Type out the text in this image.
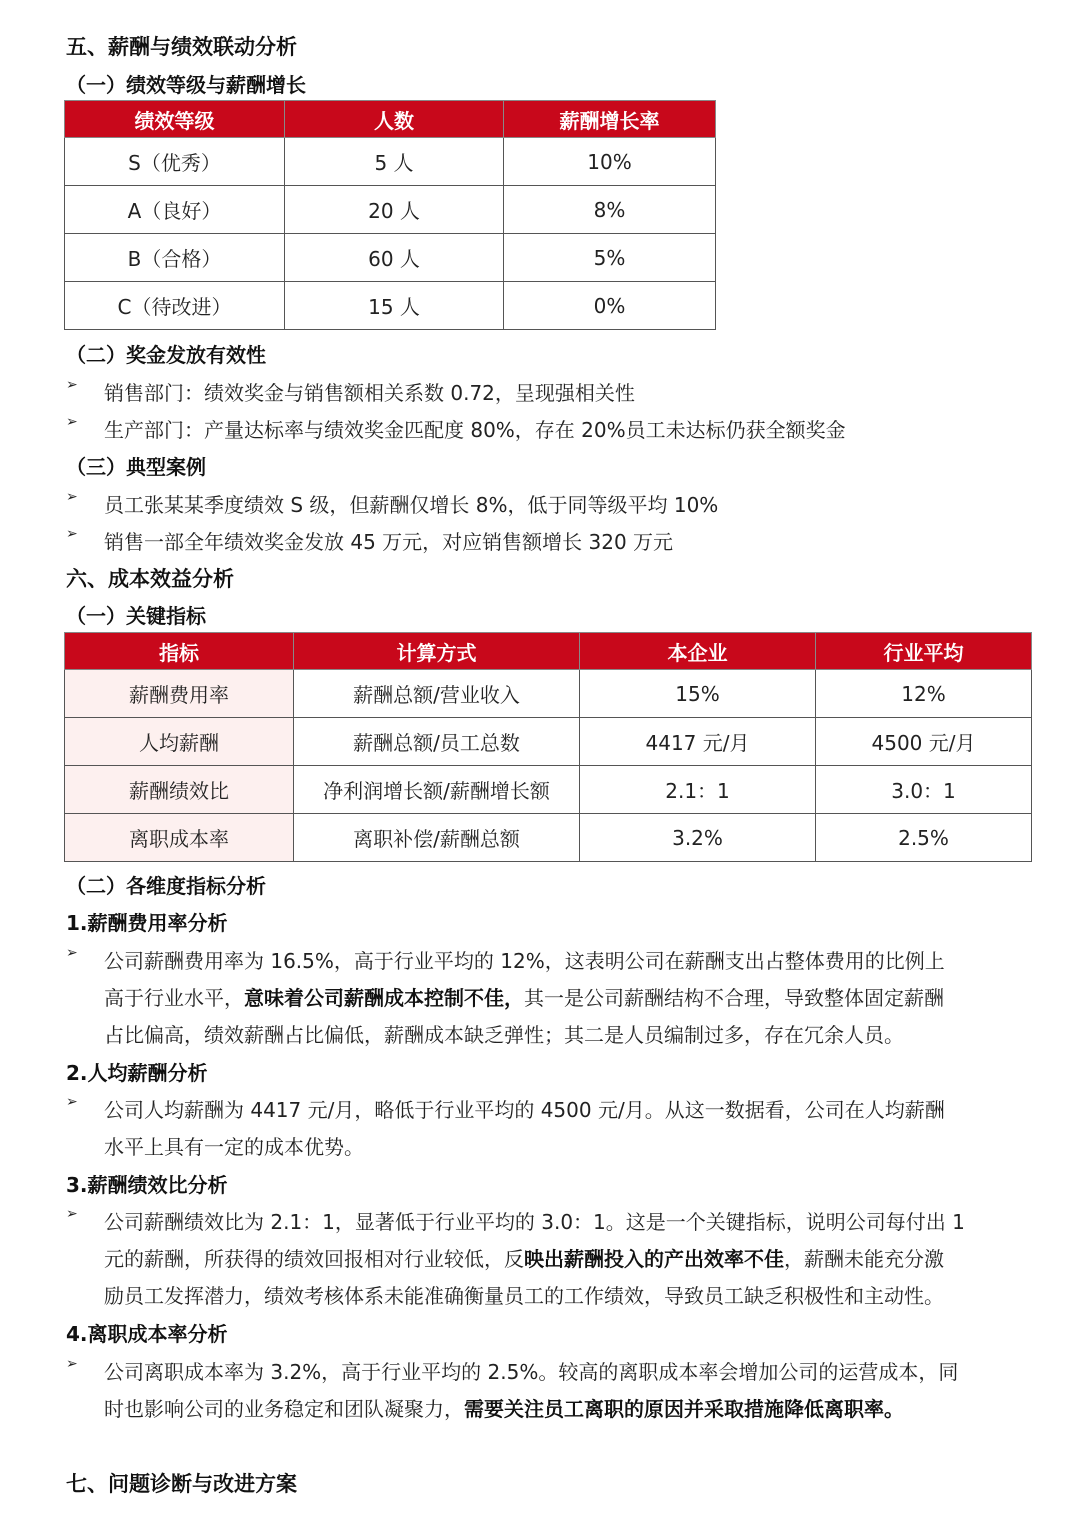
五、薪酬与绩效联动分析
（一）绩效等级与薪酬增长
绩效等级	人数	薪酬增长率
S（优秀）	5 人	10%
A（良好）	20 人	8%
B（合格）	60 人	5%
C（待改进）	15 人	0%
（二）奖金发放有效性
➢ 销售部门：绩效奖金与销售额相关系数 0.72，呈现强相关性
➢ 生产部门：产量达标率与绩效奖金匹配度 80%，存在 20%员工未达标仍获全额奖金
（三）典型案例
➢ 员工张某某季度绩效 S 级，但薪酬仅增长 8%，低于同等级平均 10%
➢ 销售一部全年绩效奖金发放 45 万元，对应销售额增长 320 万元
六、成本效益分析
（一）关键指标
指标	计算方式	本企业	行业平均
薪酬费用率	薪酬总额/营业收入	15%	12%
人均薪酬	薪酬总额/员工总数	4417 元/月	4500 元/月
薪酬绩效比	净利润增长额/薪酬增长额	2.1：1	3.0：1
离职成本率	离职补偿/薪酬总额	3.2%	2.5%
（二）各维度指标分析
1.薪酬费用率分析
➢ 公司薪酬费用率为 16.5%，高于行业平均的 12%，这表明公司在薪酬支出占整体费用的比例上
高于行业水平，意味着公司薪酬成本控制不佳，其一是公司薪酬结构不合理，导致整体固定薪酬
占比偏高，绩效薪酬占比偏低，薪酬成本缺乏弹性；其二是人员编制过多，存在冗余人员。
2.人均薪酬分析
➢ 公司人均薪酬为 4417 元/月，略低于行业平均的 4500 元/月。从这一数据看，公司在人均薪酬
水平上具有一定的成本优势。
3.薪酬绩效比分析
➢ 公司薪酬绩效比为 2.1：1，显著低于行业平均的 3.0：1。这是一个关键指标，说明公司每付出 1
元的薪酬，所获得的绩效回报相对行业较低，反映出薪酬投入的产出效率不佳，薪酬未能充分激
励员工发挥潜力，绩效考核体系未能准确衡量员工的工作绩效，导致员工缺乏积极性和主动性。
4.离职成本率分析
➢ 公司离职成本率为 3.2%，高于行业平均的 2.5%。较高的离职成本率会增加公司的运营成本，同
时也影响公司的业务稳定和团队凝聚力，需要关注员工离职的原因并采取措施降低离职率。
七、问题诊断与改进方案
